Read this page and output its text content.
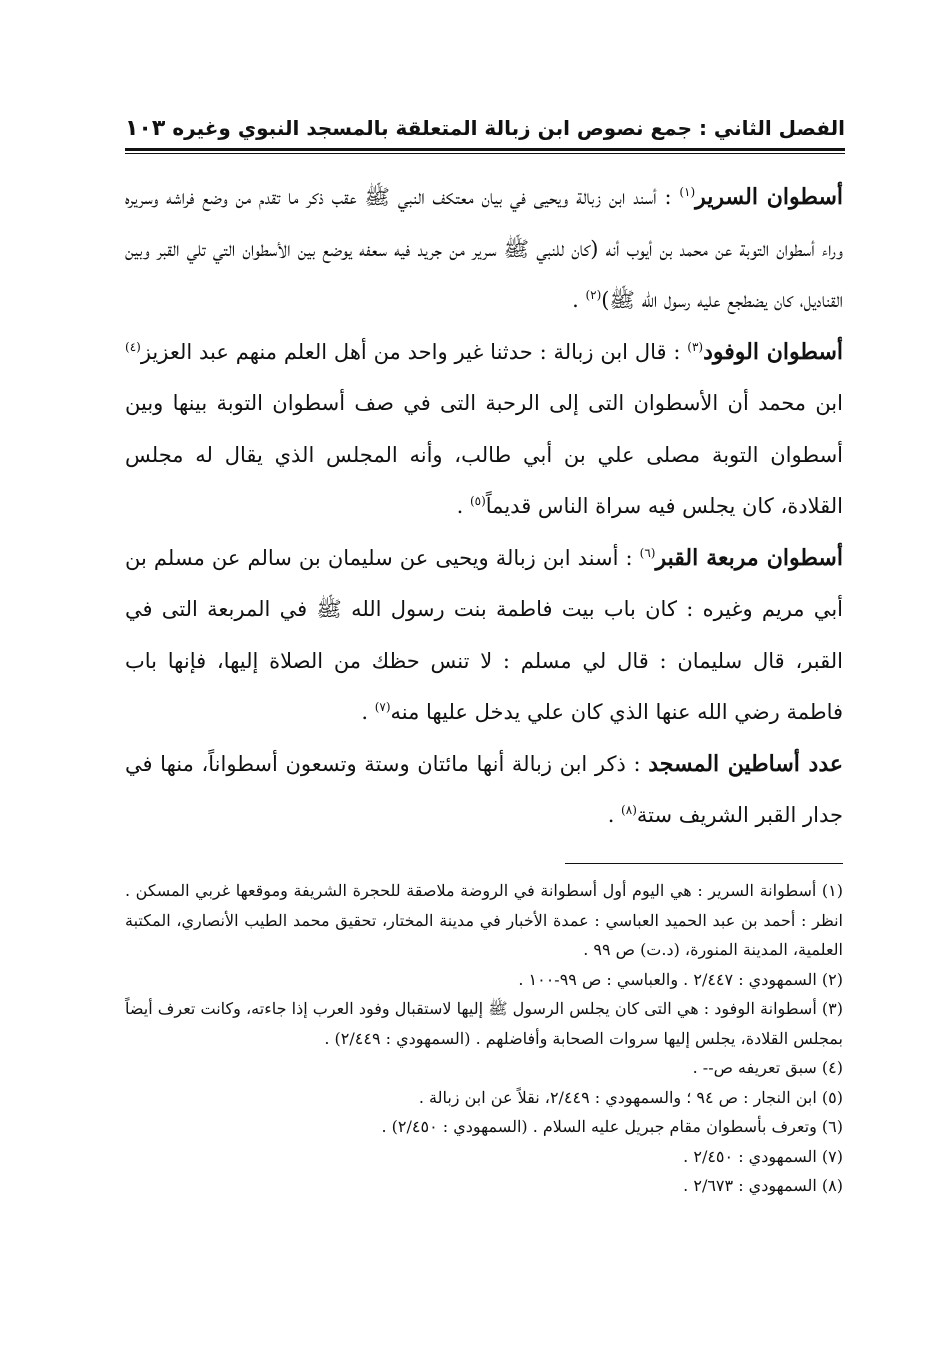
الفصل الثاني : جمع نصوص ابن زبالة المتعلقة بالمسجد النبوي وغيره
١٠٣

أسطوان السرير$^{(١)}$ : أسند ابن زبالة ويحيى في بيان معتكف النبي ﷺ عقب ذكر ما تقدم من وضع فراشه وسريره وراء أسطوان التوبة عن محمد بن أيوب أنه (كان للنبي ﷺ سرير من جريد فيه سعفه يوضع بين الأسطوان التي تلي القبر وبين القناديل، كان يضطجع عليه رسول الله ﷺ)$^{(٢)}$ .

أسطوان الوفود$^{(٣)}$ : قال ابن زبالة : حدثنا غير واحد من أهل العلم منهم عبد العزيز$^{(٤)}$ ابن محمد أن الأسطوان التى إلى الرحبة التى في صف أسطوان التوبة بينها وبين أسطوان التوبة مصلى علي بن أبي طالب، وأنه المجلس الذي يقال له مجلس القلادة، كان يجلس فيه سراة الناس قديماً$^{(٥)}$ .

أسطوان مربعة القبر$^{(٦)}$ : أسند ابن زبالة ويحيى عن سليمان بن سالم عن مسلم بن أبي مريم وغيره : كان باب بيت فاطمة بنت رسول الله ﷺ في المربعة التى في القبر، قال سليمان : قال لي مسلم : لا تنس حظك من الصلاة إليها، فإنها باب فاطمة رضي الله عنها الذي كان علي يدخل عليها منه$^{(٧)}$ .

عدد أساطين المسجد : ذكر ابن زبالة أنها مائتان وستة وتسعون أسطواناً، منها في جدار القبر الشريف ستة$^{(٨)}$ .

(١) أسطوانة السرير : هي اليوم أول أسطوانة في الروضة ملاصقة للحجرة الشريفة وموقعها غربي المسكن . انظر : أحمد بن عبد الحميد العباسي : عمدة الأخبار في مدينة المختار، تحقيق محمد الطيب الأنصاري، المكتبة العلمية، المدينة المنورة، (د.ت) ص ٩٩ .

(٢) السمهودي : ٢/٤٤٧ . والعباسي : ص ٩٩-١٠٠ .

(٣) أسطوانة الوفود : هي التى كان يجلس الرسول ﷺ إليها لاستقبال وفود العرب إذا جاءته، وكانت تعرف أيضاً بمجلس القلادة، يجلس إليها سروات الصحابة وأفاضلهم . (السمهودي : ٢/٤٤٩) .

(٤) سبق تعريفه ص-- .

(٥) ابن النجار : ص ٩٤ ؛ والسمهودي : ٢/٤٤٩، نقلاً عن ابن زبالة .

(٦) وتعرف بأسطوان مقام جبريل عليه السلام . (السمهودي : ٢/٤٥٠) .

(٧) السمهودي : ٢/٤٥٠ .

(٨) السمهودي : ٢/٦٧٣ .
